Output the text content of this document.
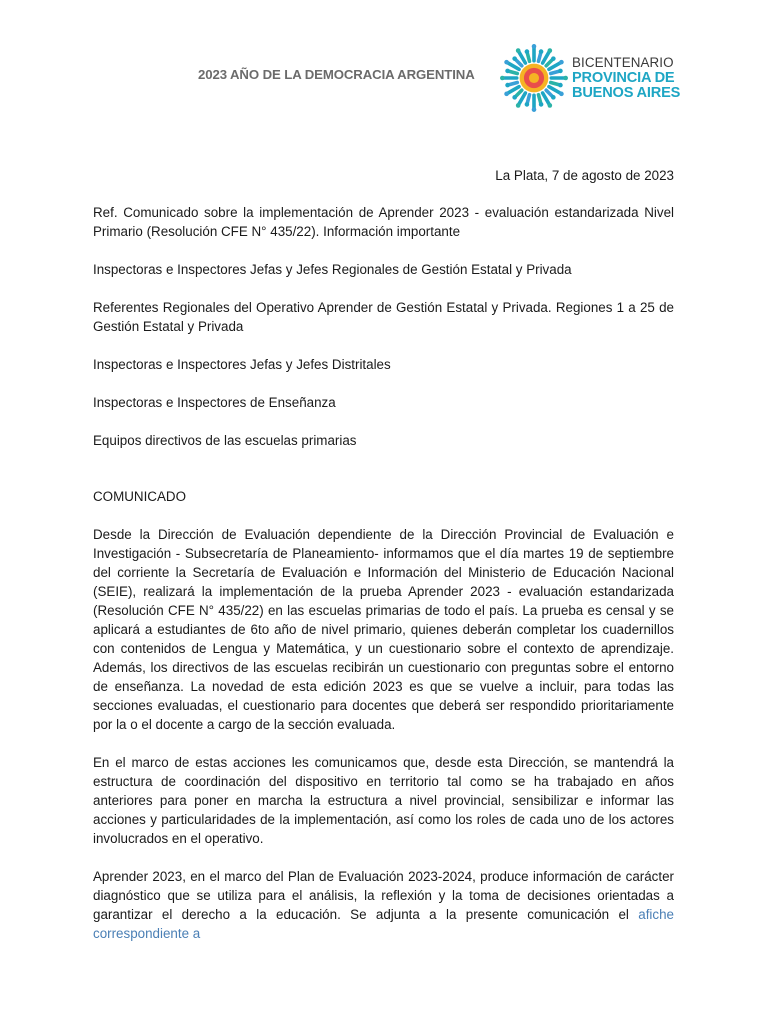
2023 AÑO DE LA DEMOCRACIA ARGENTINA
BICENTENARIO
PROVINCIA DE
BUENOS AIRES
La Plata, 7 de agosto de 2023
Ref. Comunicado sobre la implementación de Aprender 2023 - evaluación estandarizada Nivel Primario (Resolución CFE N° 435/22). Información importante
Inspectoras e Inspectores Jefas y Jefes Regionales de Gestión Estatal y Privada
Referentes Regionales del Operativo Aprender de Gestión Estatal y Privada. Regiones 1 a 25 de Gestión Estatal y Privada
Inspectoras e Inspectores Jefas y Jefes Distritales
Inspectoras e Inspectores de Enseñanza
Equipos directivos de las escuelas primarias
COMUNICADO
Desde la Dirección de Evaluación dependiente de la Dirección Provincial de Evaluación e Investigación - Subsecretaría de Planeamiento- informamos que el día martes 19 de septiembre del corriente la Secretaría de Evaluación e Información del Ministerio de Educación Nacional (SEIE), realizará la implementación de la prueba Aprender 2023 - evaluación estandarizada (Resolución CFE N° 435/22) en las escuelas primarias de todo el país. La prueba es censal y se aplicará a estudiantes de 6to año de nivel primario, quienes deberán completar los cuadernillos con contenidos de Lengua y Matemática, y un cuestionario sobre el contexto de aprendizaje. Además, los directivos de las escuelas recibirán un cuestionario con preguntas sobre el entorno de enseñanza. La novedad de esta edición 2023 es que se vuelve a incluir, para todas las secciones evaluadas, el cuestionario para docentes que deberá ser respondido prioritariamente por la o el docente a cargo de la sección evaluada.
En el marco de estas acciones les comunicamos que, desde esta Dirección, se mantendrá la estructura de coordinación del dispositivo en territorio tal como se ha trabajado en años anteriores para poner en marcha la estructura a nivel provincial, sensibilizar e informar las acciones y particularidades de la implementación, así como los roles de cada uno de los actores involucrados en el operativo.
Aprender 2023, en el marco del Plan de Evaluación 2023-2024, produce información de carácter diagnóstico que se utiliza para el análisis, la reflexión y la toma de decisiones orientadas a garantizar el derecho a la educación. Se adjunta a la presente comunicación el afiche correspondiente a
